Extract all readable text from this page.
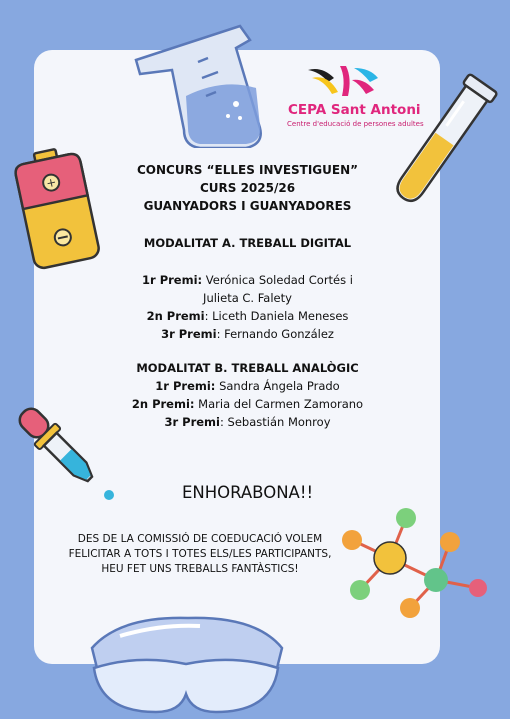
CEPA Sant Antoni
Centre d'educació de persones adultes
+
CONCURS “ELLES INVESTIGUEN”
CURS 2025/26
GUANYADORS I GUANYADORES
MODALITAT A. TREBALL DIGITAL
1r Premi: Verónica Soledad Cortés i
Julieta C. Falety
2n Premi: Liceth Daniela Meneses
3r Premi: Fernando González
MODALITAT B. TREBALL ANALÒGIC
1r Premi: Sandra Ángela Prado
2n Premi: Maria del Carmen Zamorano
3r Premi: Sebastián Monroy
ENHORABONA!!
DES DE LA COMISSIÓ DE COEDUCACIÓ VOLEM
FELICITAR A TOTS I TOTES ELS/LES PARTICIPANTS,
HEU FET UNS TREBALLS FANTÀSTICS!
